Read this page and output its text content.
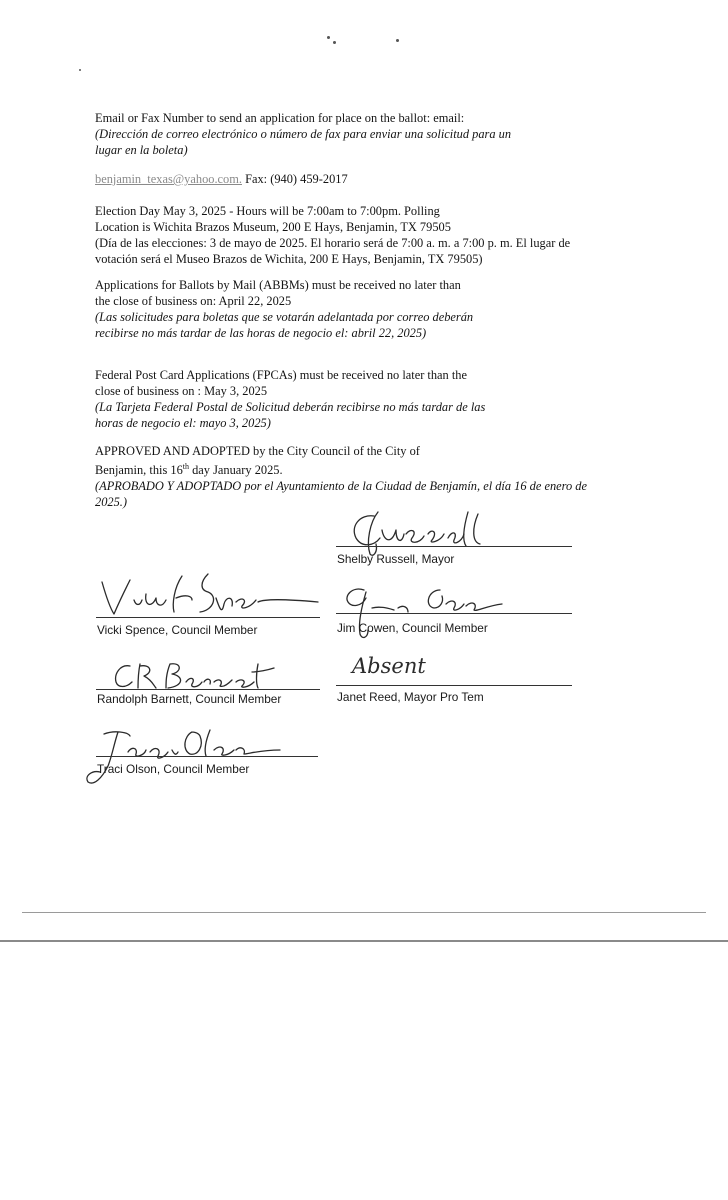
Email or Fax Number to send an application for place on the ballot: email:

(Dirección de correo electrónico o número de fax para enviar una solicitud para un lugar en la boleta)

benjamin_texas@yahoo.com. Fax: (940) 459-2017

Election Day May 3, 2025 - Hours will be 7:00am to 7:00pm. Polling

Location is Wichita Brazos Museum, 200 E Hays, Benjamin, TX 79505

(Día de las elecciones: 3 de mayo de 2025. El horario será de 7:00 a. m. a 7:00 p. m. El lugar de votación será el Museo Brazos de Wichita, 200 E Hays, Benjamin, TX 79505)

Applications for Ballots by Mail (ABBMs) must be received no later than

the close of business on: April 22, 2025

(Las solicitudes para boletas que se votarán adelantada por correo deberán recibirse no más tardar de las horas de negocio el: abril 22, 2025)

Federal Post Card Applications (FPCAs) must be received no later than the

close of business on : May 3, 2025

(La Tarjeta Federal Postal de Solicitud deberán recibirse no más tardar de las horas de negocio el: mayo 3, 2025)

APPROVED AND ADOPTED by the City Council of the City of

Benjamin, this 16th day January 2025.

(APROBADO Y ADOPTADO por el Ayuntamiento de la Ciudad de Benjamín, el día 16 de enero de 2025.)

Shelby Russell, Mayor
Vicki Spence, Council Member	Jim Cowen, Council Member
Randolph Barnett, Council Member
Absent
Janet Reed, Mayor Pro Tem
Traci Olson, Council Member
